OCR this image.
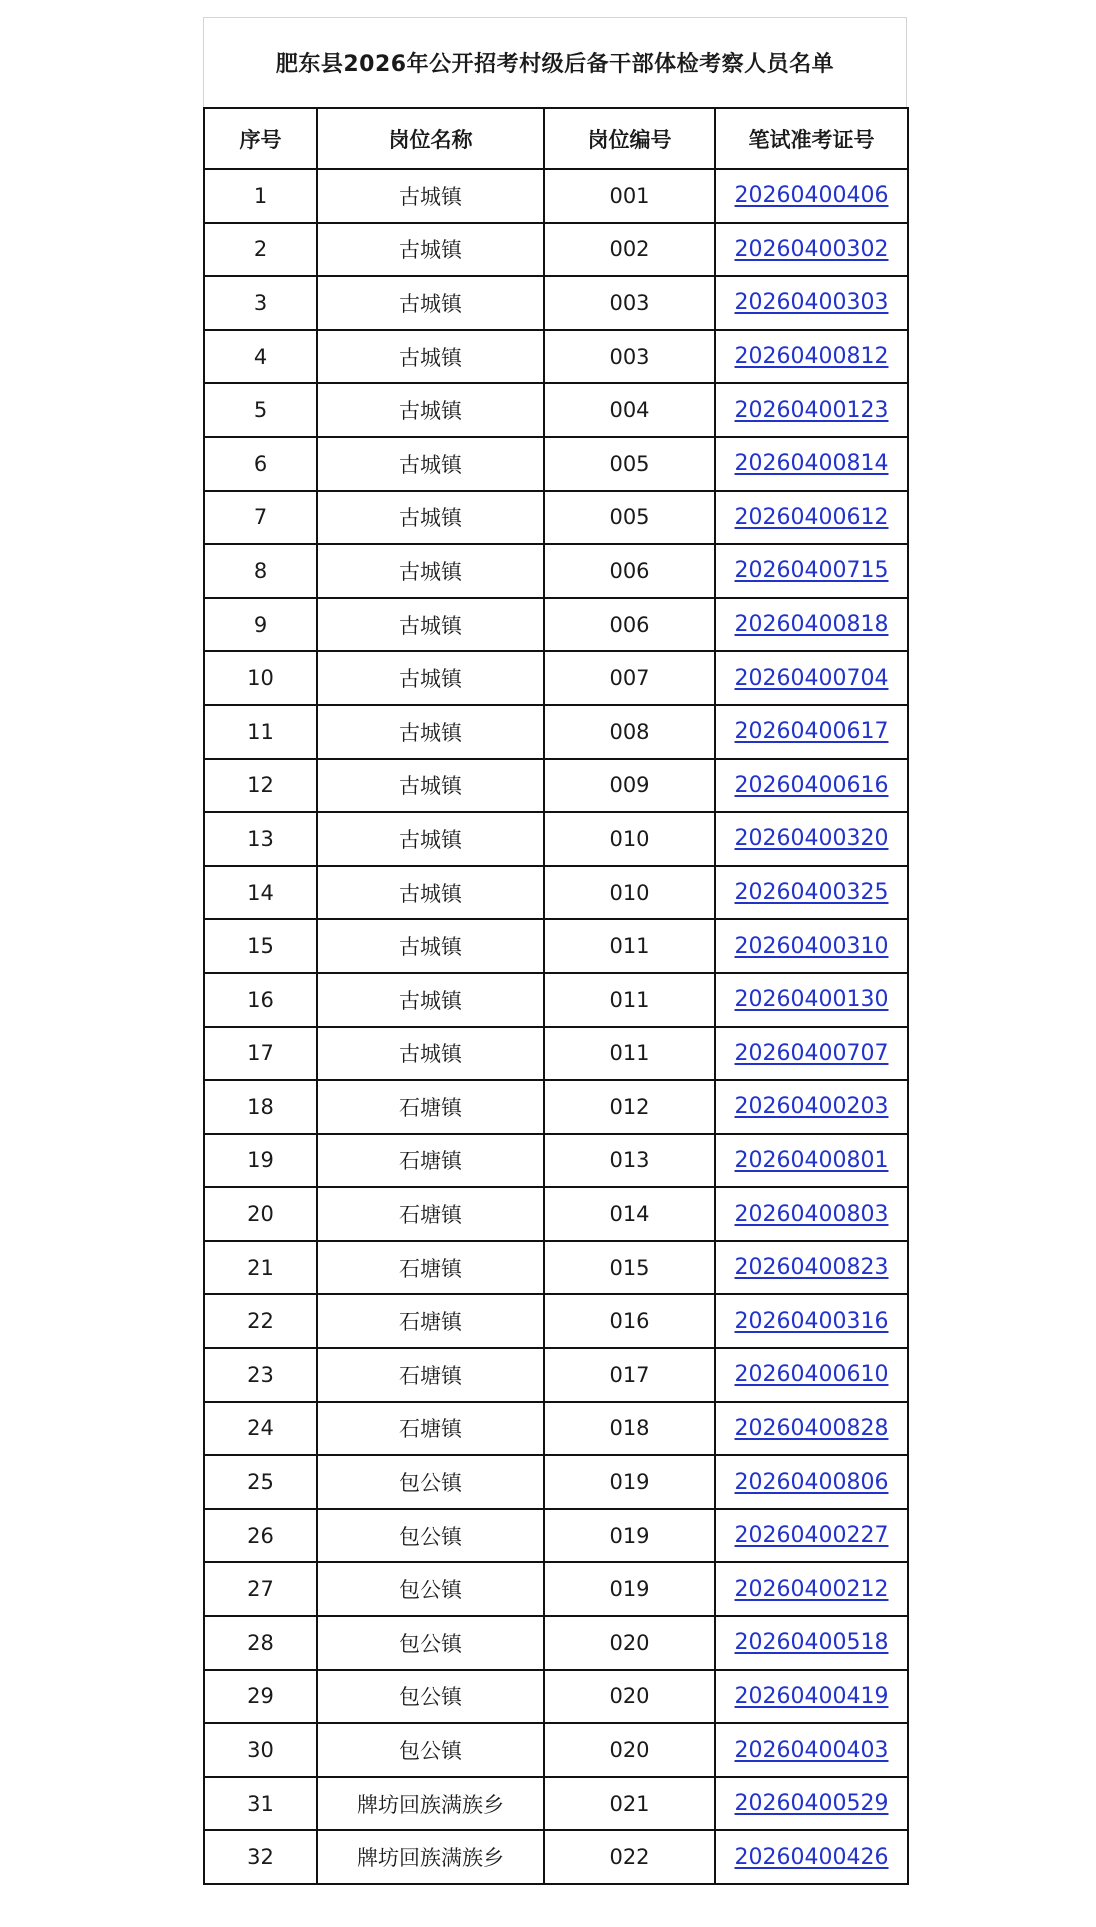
肥东县2026年公开招考村级后备干部体检考察人员名单
序号	岗位名称	岗位编号	笔试准考证号
1	古城镇	001	20260400406
2	古城镇	002	20260400302
3	古城镇	003	20260400303
4	古城镇	003	20260400812
5	古城镇	004	20260400123
6	古城镇	005	20260400814
7	古城镇	005	20260400612
8	古城镇	006	20260400715
9	古城镇	006	20260400818
10	古城镇	007	20260400704
11	古城镇	008	20260400617
12	古城镇	009	20260400616
13	古城镇	010	20260400320
14	古城镇	010	20260400325
15	古城镇	011	20260400310
16	古城镇	011	20260400130
17	古城镇	011	20260400707
18	石塘镇	012	20260400203
19	石塘镇	013	20260400801
20	石塘镇	014	20260400803
21	石塘镇	015	20260400823
22	石塘镇	016	20260400316
23	石塘镇	017	20260400610
24	石塘镇	018	20260400828
25	包公镇	019	20260400806
26	包公镇	019	20260400227
27	包公镇	019	20260400212
28	包公镇	020	20260400518
29	包公镇	020	20260400419
30	包公镇	020	20260400403
31	牌坊回族满族乡	021	20260400529
32	牌坊回族满族乡	022	20260400426
